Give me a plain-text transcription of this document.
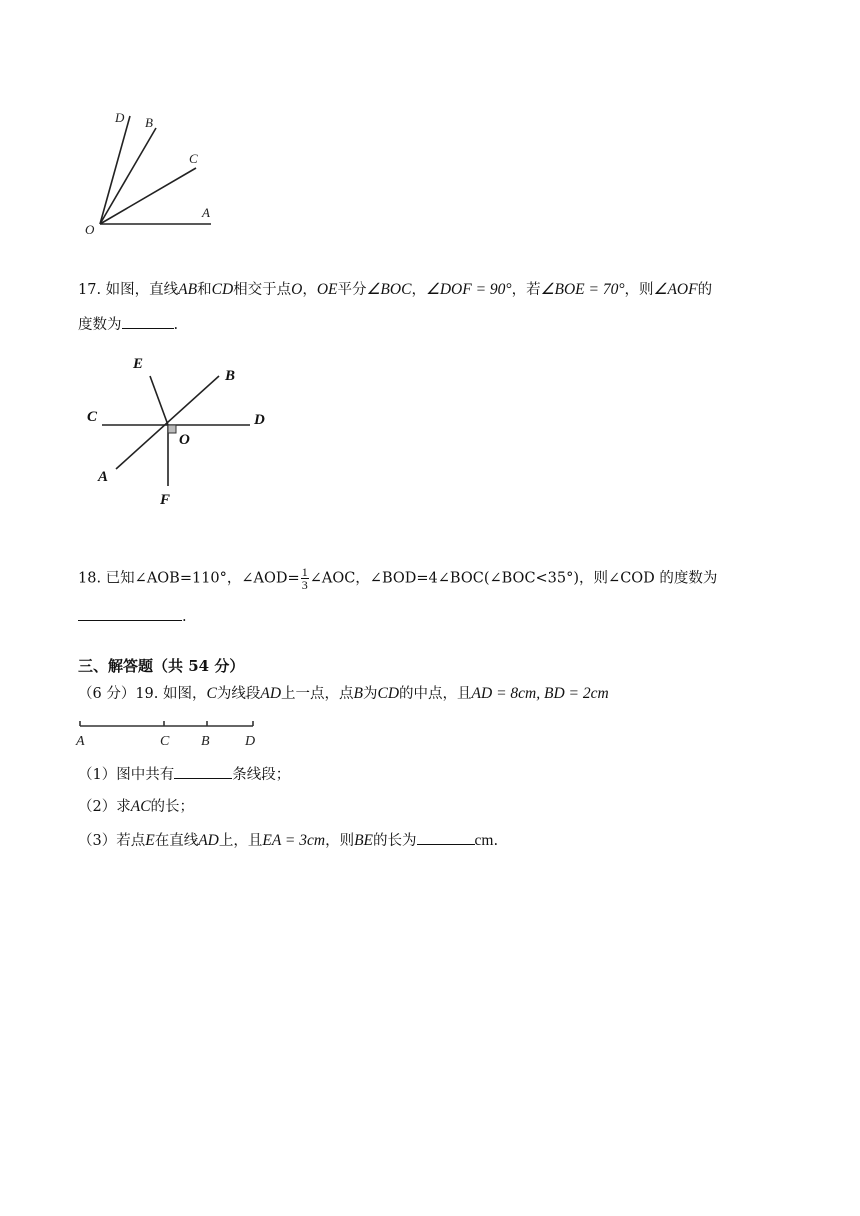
D B
C
A
O
17. 如图，直线AB和CD相交于点O，OE平分∠BOC，∠DOF = 90°，若∠BOE = 70°，则∠AOF的
度数为	.
E
B
C	D
O
A
F
18. 已知∠AOB=110°，∠AOD= $\frac{1}{3}$ ∠AOC，∠BOD=4∠BOC(∠BOC<35°)，则∠COD 的度数为
.
三、解答题（共 54 分）
（6 分）19. 如图，C为线段AD上一点，点B为CD的中点，且AD = 8cm, BD = 2cm
A	C B	D
（1）图中共有	条线段；
（2）求AC的长；
（3）若点E在直线AD上，且EA = 3cm，则BE的长为	cm.
